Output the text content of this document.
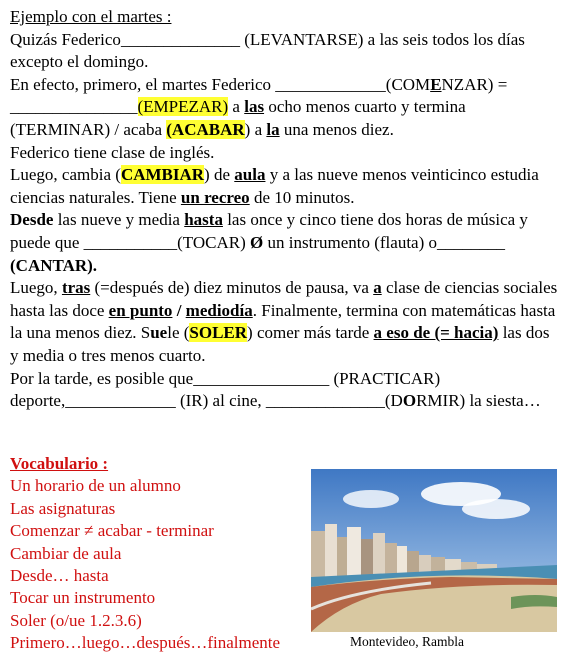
Ejemplo con el martes :

Quizás Federico______________ (LEVANTARSE) a las seis todos los días excepto el domingo.

En efecto, primero, el martes Federico _____________(COMENZAR) = _______________(EMPEZAR) a las ocho menos cuarto y termina (TERMINAR) / acaba (ACABAR) a la una menos diez.

Federico tiene clase de inglés.

Luego, cambia (CAMBIAR) de aula y a las nueve menos veinticinco estudia ciencias naturales. Tiene un recreo de 10 minutos.

Desde las nueve y media hasta las once y cinco tiene dos horas de música y puede que ___________(TOCAR) Ø un instrumento (flauta) o________ (CANTAR).

Luego, tras (=después de) diez minutos de pausa, va a clase de ciencias sociales hasta las doce en punto / mediodía. Finalmente, termina con matemáticas hasta la una menos diez. Suele (SOLER) comer más tarde a eso de (= hacia) las dos y media o tres menos cuarto.

Por la tarde, es posible que________________ (PRACTICAR) deporte,_____________ (IR) al cine, ______________(DORMIR) la siesta…

Vocabulario :
Un horario de un alumno
Las asignaturas
Comenzar ≠ acabar - terminar
Cambiar de aula
Desde… hasta
Tocar un instrumento
Soler (o/ue 1.2.3.6)
Primero…luego…después…finalmente	Montevideo, Rambla
